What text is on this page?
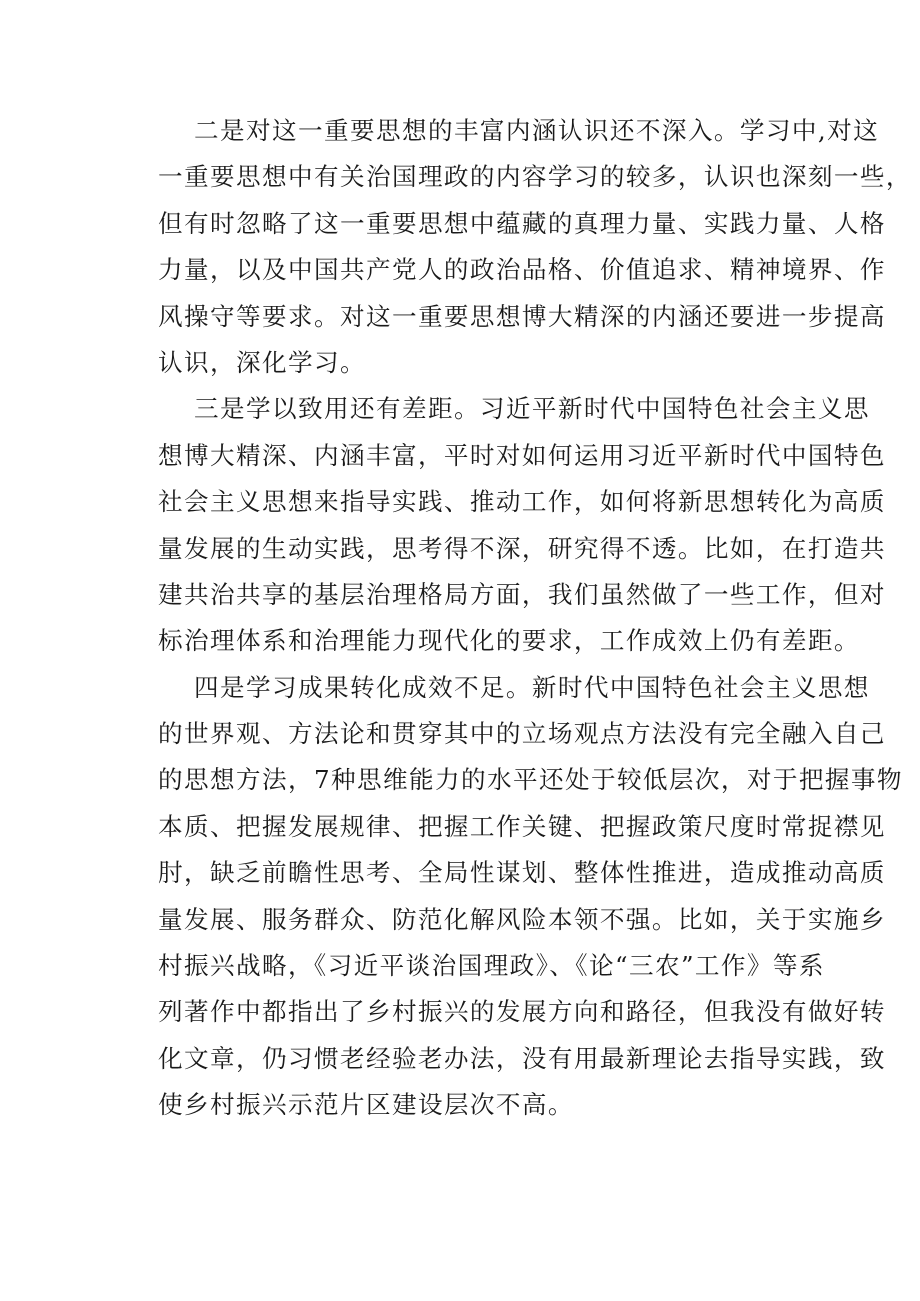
二是对这一重要思想的丰富内涵认识还不深入。学习中,对这
一重要思想中有关治国理政的内容学习的较多，认识也深刻一些，
但有时忽略了这一重要思想中蕴藏的真理力量、实践力量、人格
力量，以及中国共产党人的政治品格、价值追求、精神境界、作
风操守等要求。对这一重要思想博大精深的内涵还要进一步提高
认识，深化学习。
三是学以致用还有差距。习近平新时代中国特色社会主义思
想博大精深、内涵丰富，平时对如何运用习近平新时代中国特色
社会主义思想来指导实践、推动工作，如何将新思想转化为高质
量发展的生动实践，思考得不深，研究得不透。比如，在打造共
建共治共享的基层治理格局方面，我们虽然做了一些工作，但对
标治理体系和治理能力现代化的要求，工作成效上仍有差距。
四是学习成果转化成效不足。新时代中国特色社会主义思想
的世界观、方法论和贯穿其中的立场观点方法没有完全融入自己
的思想方法，7种思维能力的水平还处于较低层次，对于把握事物
本质、把握发展规律、把握工作关键、把握政策尺度时常捉襟见
肘，缺乏前瞻性思考、全局性谋划、整体性推进，造成推动高质
量发展、服务群众、防范化解风险本领不强。比如，关于实施乡
村振兴战略，《习近平谈治国理政》、《论“三农”工作》等系
列著作中都指出了乡村振兴的发展方向和路径，但我没有做好转
化文章，仍习惯老经验老办法，没有用最新理论去指导实践，致
使乡村振兴示范片区建设层次不高。
